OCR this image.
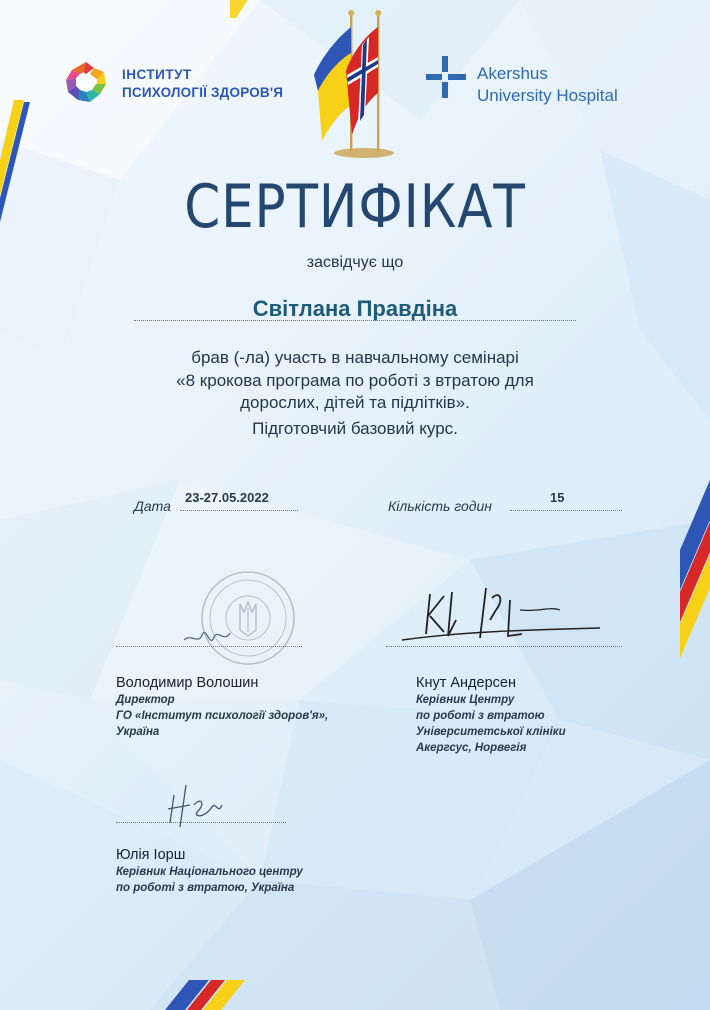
ІНСТИТУТ
ПСИХОЛОГІЇ ЗДОРОВ'Я
Akershus
University Hospital
СЕРТИФІКАТ
засвідчує що
Світлана Правдіна
брав (-ла) участь в навчальному семінарі
«8 крокова програма по роботі з втратою для
дорослих, дітей та підлітків».
Підготовчий базовий курс.
Дата
23-27.05.2022
Кількість годин
15
Володимир Волошин
Директор
ГО «Інститут психології здоров'я»,
Україна
Кнут Андерсен
Керівник Центру
по роботі з втратою
Університетської клініки
Акергсус, Норвегія
Юлія Іорш
Керівник Національного центру
по роботі з втратою, Україна
